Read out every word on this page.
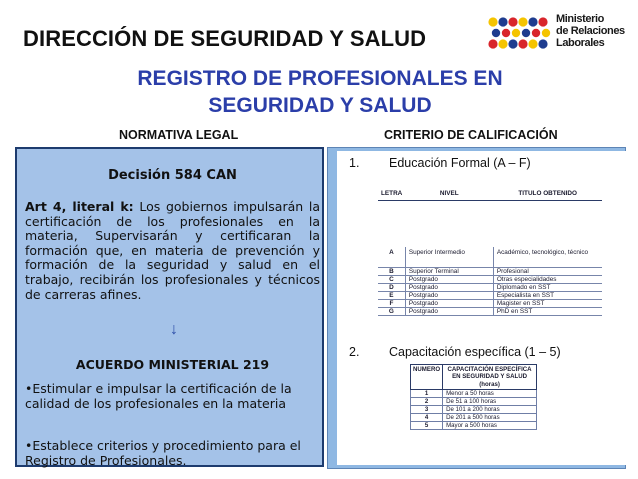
DIRECCIÓN DE SEGURIDAD Y SALUD
Ministerio
de Relaciones
Laborales
REGISTRO DE PROFESIONALES EN
SEGURIDAD Y SALUD
NORMATIVA LEGAL	CRITERIO DE CALIFICACIÓN
Decisión 584 CAN
Art 4, literal k: Los gobiernos impulsarán la certificación de los profesionales en la materia, Supervisarán y certificaran la formación que, en materia de prevención y formación de la seguridad y salud en el trabajo, recibirán los profesionales y técnicos de carreras afines.
↓
ACUERDO MINISTERIAL 219
•Estimular e impulsar la certificación de la calidad de los profesionales en la materia
•Establece criterios y procedimiento para el Registro de Profesionales.
1. Educación Formal (A – F)
LETRA	NIVEL	TITULO OBTENIDO

A	Superior Intermedio	Académico, tecnológico, técnico
B	Superior Terminal	Profesional
C	Postgrado	Otras especialidades
D	Postgrado	Diplomado en SST
E	Postgrado	Especialista en SST
F	Postgrado	Magister en SST
G	Postgrado	PhD en SST
2. Capacitación específica (1 – 5)
NUMERO	CAPACITACIÓN ESPECÍFICA EN SEGURIDAD Y SALUD (horas)
1	Menor a 50 horas
2	De 51 a 100 horas
3	De 101 a 200 horas
4	De 201 a 500 horas
5	Mayor a 500 horas
